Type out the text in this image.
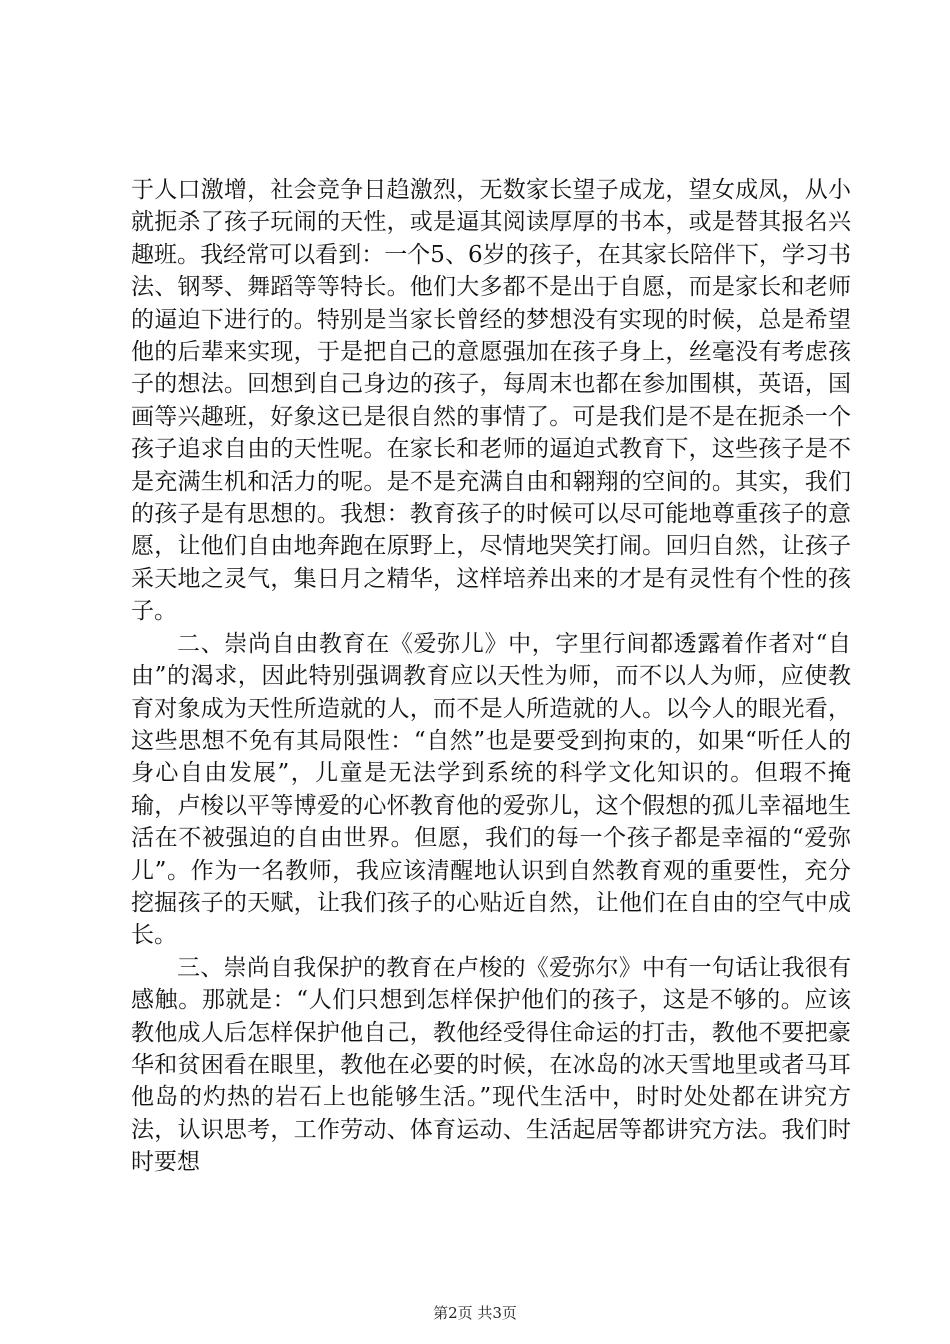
于人口激增，社会竞争日趋激烈，无数家长望子成龙，望女成凤，从小就扼杀了孩子玩闹的天性，或是逼其阅读厚厚的书本，或是替其报名兴趣班。我经常可以看到：一个5、6岁的孩子，在其家长陪伴下，学习书法、钢琴、舞蹈等等特长。他们大多都不是出于自愿，而是家长和老师的逼迫下进行的。特别是当家长曾经的梦想没有实现的时候，总是希望他的后辈来实现，于是把自己的意愿强加在孩子身上，丝毫没有考虑孩子的想法。回想到自己身边的孩子，每周末也都在参加围棋，英语，国画等兴趣班，好象这已是很自然的事情了。可是我们是不是在扼杀一个孩子追求自由的天性呢。在家长和老师的逼迫式教育下，这些孩子是不是充满生机和活力的呢。是不是充满自由和翱翔的空间的。其实，我们的孩子是有思想的。我想：教育孩子的时候可以尽可能地尊重孩子的意愿，让他们自由地奔跑在原野上，尽情地哭笑打闹。回归自然，让孩子采天地之灵气，集日月之精华，这样培养出来的才是有灵性有个性的孩子。

二、崇尚自由教育在《爱弥儿》中，字里行间都透露着作者对“自由”的渴求，因此特别强调教育应以天性为师，而不以人为师，应使教育对象成为天性所造就的人，而不是人所造就的人。以今人的眼光看，这些思想不免有其局限性：“自然”也是要受到拘束的，如果“听任人的身心自由发展”，儿童是无法学到系统的科学文化知识的。但瑕不掩瑜，卢梭以平等博爱的心怀教育他的爱弥儿，这个假想的孤儿幸福地生活在不被强迫的自由世界。但愿，我们的每一个孩子都是幸福的“爱弥儿”。作为一名教师，我应该清醒地认识到自然教育观的重要性，充分挖掘孩子的天赋，让我们孩子的心贴近自然，让他们在自由的空气中成长。

三、崇尚自我保护的教育在卢梭的《爱弥尔》中有一句话让我很有感触。那就是：“人们只想到怎样保护他们的孩子，这是不够的。应该教他成人后怎样保护他自己，教他经受得住命运的打击，教他不要把豪华和贫困看在眼里，教他在必要的时候，在冰岛的冰天雪地里或者马耳他岛的灼热的岩石上也能够生活。”现代生活中，时时处处都在讲究方法，认识思考，工作劳动、体育运动、生活起居等都讲究方法。我们时时要想

第2页 共3页
